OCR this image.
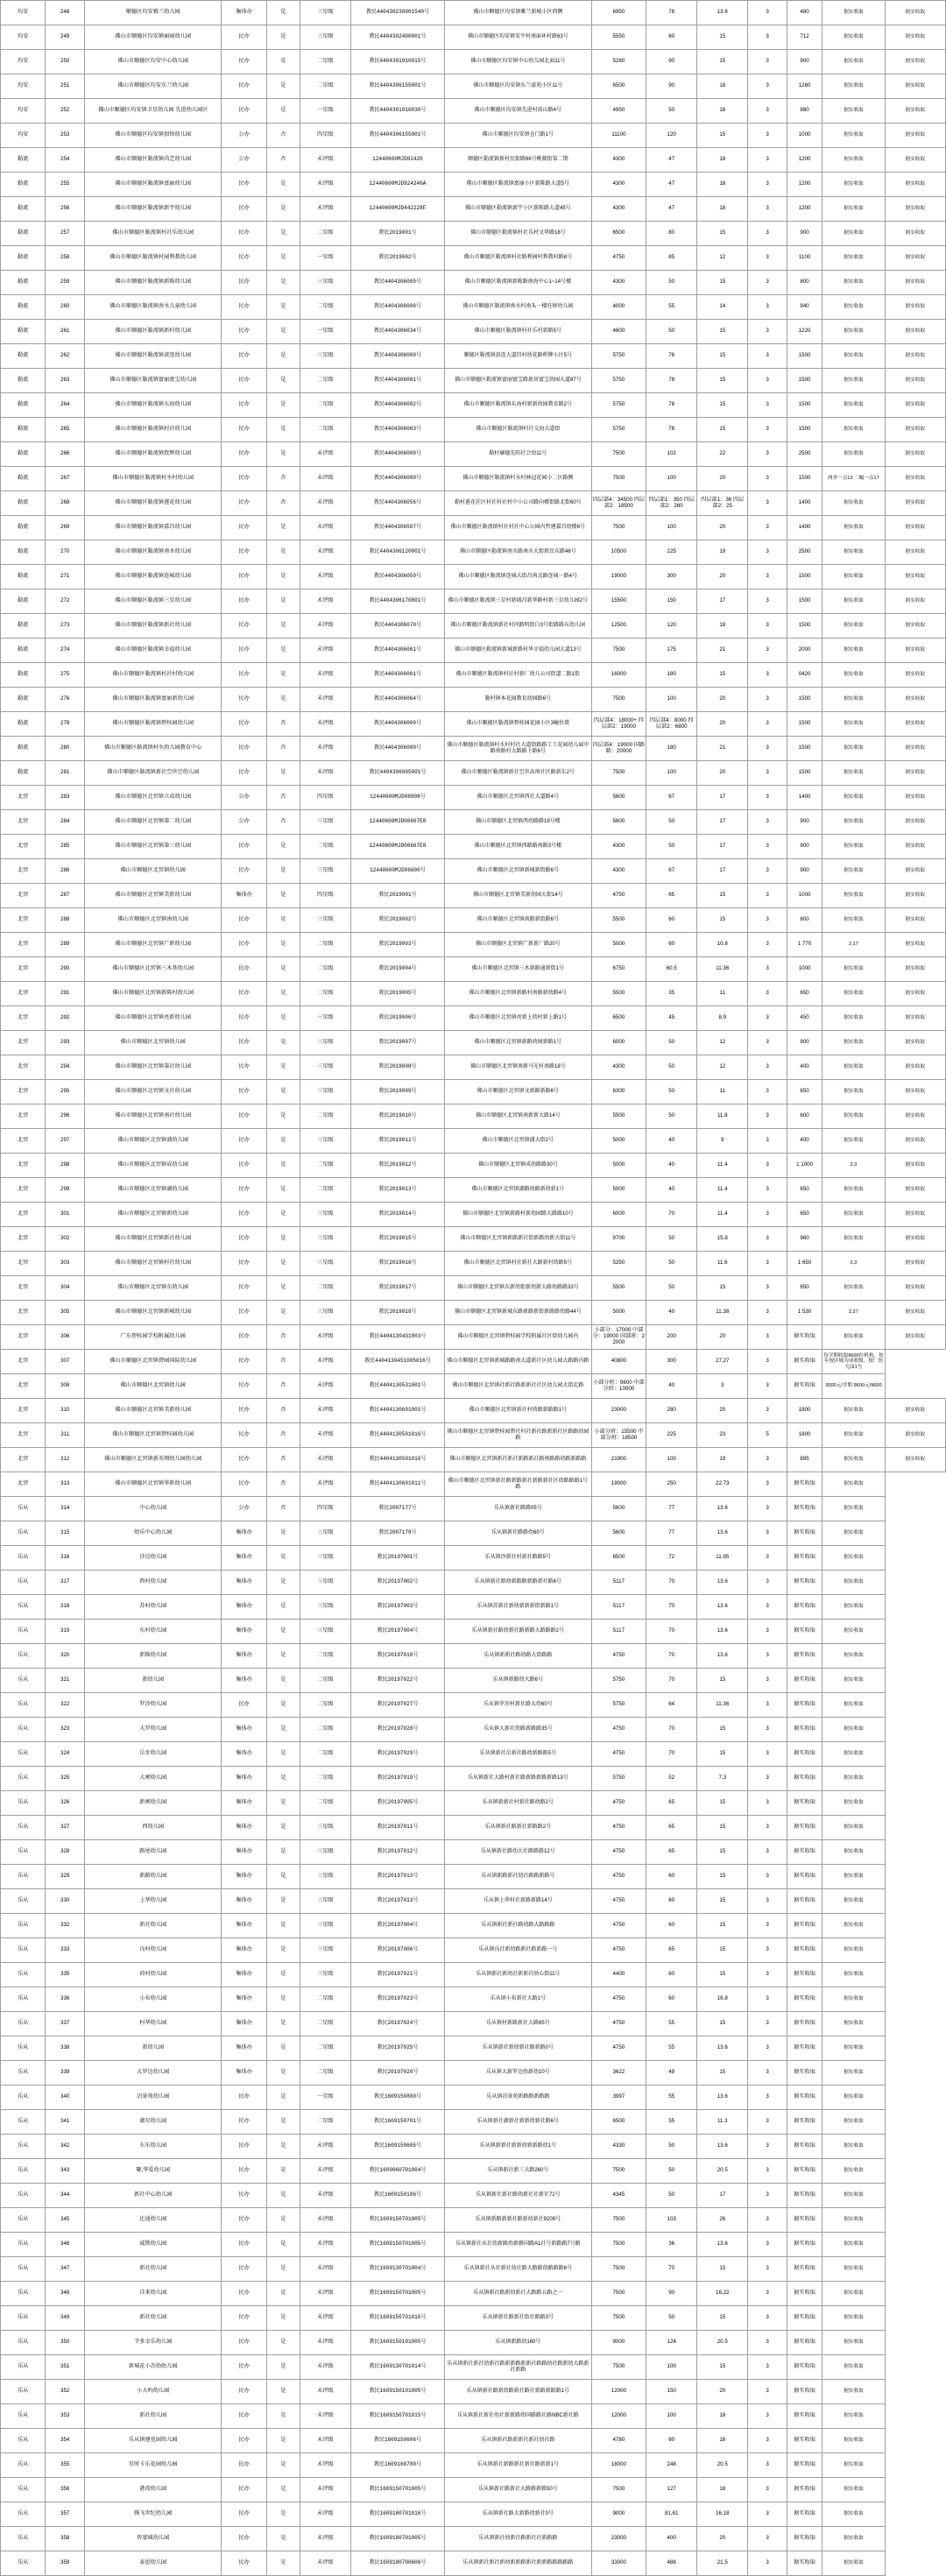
均安	248	顺德区均安雅兰幼儿园	集体办	是	三星级	教民440430230001540号	佛山市顺德区均安镇雅兰新城小区西侧	6950	78	13.6	3	480	据实收取	据实收取
均安	249	佛山市顺德区均安镇丽园幼儿园	民办	是	三星级	教民4404302400001号	佛山市顺德区均安镇安平村南面环村路63号	5550	60	15	3	712	据实收取	据实收取
均安	250	佛山市顺德区均安中心幼儿园	民办	是	二星级	教民4404301910015号	佛山市顺德区均安镇中心幼儿园北面11号	5280	90	15	3	900	据实收取	据实收取
均安	251	佛山市顺德区均安东兰幼儿园	民办	是	二星级	教民4404306155001号	佛山市顺德区均安镇东兰豪苑小区11号	6500	90	18	3	1260	据实收取	据实收取
均安	252	佛山市顺德区均安镇卫星幼儿园 先进幼儿园区	民办	是	一星级	教民4404301910030号	佛山市顺德区均安镇先进村前山路4号	4950	50	18	3	880	据实收取	据实收取
均安	253	佛山市顺德区均安镇加快幼儿园	公办	否	四星级	教民4404306155001号	佛山市顺德区均安镇仓门路1号	11100	120	15	3	1000	据实收取	据实收取
勒流	254	佛山市顺德区勒流镇尚艺幼儿园	公办	否	未评级	12440600MJD02420	顺德区勒流镇新村民街路66号桃源街第二期	4300	47	18	3	1200	据实收取	据实收取
勒流	255	佛山市顺德区勒流镇富丽幼儿园	民办	是	未评级	12440600MJD924246A	佛山市顺德区勒流镇富丽小区新陈路大道5号	4300	47	18	3	1200	据实收取	据实收取
勒流	256	佛山市顺德区勒流镇新宇幼儿园	民办	是	未评级	12440600MJD442228F	佛山市顺德区勒流镇新宇小区新陈路大道45号	4300	47	18	3	1200	据实收取	据实收取
勒流	257	佛山市顺德区勒流镇村社乐幼儿园	民办	是	二星级	教民2019001号	佛山市顺德区勒流镇村社乐村文华路18号	6500	80	15	3	900	据实收取	据实收取
勒流	258	佛山市顺德区勒流镇村园利教幼儿园	民办	是	一星级	教民2019002号	佛山市顺德区勒流镇村社路利园村利教村路8号	4750	85	12	3	1100	据实收取	据实收取
勒流	259	佛山市顺德区勒流镇新陈幼儿园	民办	是	三星级	教民4404306005号	佛山市顺德区勒流镇新陈路南海中心1~14号楼	4300	50	15	3	800	据实收取	据实收取
勒流	260	佛山市顺德区勒流镇南水儿童幼儿园	民办	是	二星级	教民4404306006号	佛山市顺德区勒流镇南水村南头一楼旺财幼儿园	4000	55	14	3	940	据实收取	据实收取
勒流	261	佛山市顺德区勒流镇新村幼儿园	民办	是	一星级	教民4404306034号	佛山市顺德区勒流镇村社乐村新路5号	4600	50	15	3	1220	据实收取	据实收取
勒流	262	佛山市顺德区勒流镇黄连幼儿园	民办	是	三星级	教民4404306080号	顺德区勒流镇黄连大道旧村幼花路桥牌小区5号	5750	78	15	3	1500	据实收取	据实收取
勒流	263	佛山市顺德区勒流镇富丽富宝幼儿园	民办	是	二星级	教民4404306081号	佛山市顺德区勒流镇富丽富宝路新居富宝幼园大道87号	5750	78	15	3	1500	据实收取	据实收取
勒流	264	佛山市顺德区勒流镇东海幼儿园	民办	是	二星级	教民4404306082号	佛山市顺德区勒流镇东海村新新幼园教育路2号	5750	78	15	3	1500	据实收取	据实收取
勒流	265	佛山市顺德区勒流镇村社幼儿园	民办	是	二星级	教民4404306083号	佛山市顺德区勒流镇村社交海大道街	5750	78	15	3	1500	据实收取	据实收取
勒流	266	佛山市顺德区勒流镇致辉幼儿园	民办	是	未评级	教民4404306000号	勒村廉德先阳社会幼11号	7500	102	22	3	2500	据实收取	据实收取
勒流	267	佛山市顺德区勒流镇村水村幼儿园	民办	否	未评级	教民4404306080号	佛山市顺德区勒流镇村水村林冠花园小二区路侧	7500	100	20	3	1500	两舍一点13 三幅一点17	据实收取
勒流	268	佛山市顺德区勒流镇莲花幼儿园	民办	否	未评级	教民4404306056号	勒村莲花社区村社村社村中小公司路向楼街路北街60号	四层部4：34500 四层部2：18500	四层部1：350 四层部2：260	四层部1：36 四层部2：25	3	1400	据实收取	据实收取
勒流	269	佛山市顺德区勒流镇嘉昌幼儿园	民办	是	未评级	教民4404306507号	佛山市顺德区勒流镇村社村社中心公园内哲建嘉昌幼楼6号	7500	100	20	3	1400	据实收取	据实收取
勒流	270	佛山市顺德区勒流镇南水幼儿园	民办	是	未评级	教民4404306120001号	佛山市顺德区勒流镇南水路南水大街新民东路46号	10500	225	19	3	2500	据实收取	据实收取
勒流	271	佛山市顺德区勒流镇连城幼儿园	民办	是	未评级	教民4404306050号	佛山市顺德区勒流镇连城大街昌南北路连城一路4号	19000	300	20	3	1500	据实收取	据实收取
勒流	272	佛山市顺德区勒流镇三星幼儿园	民办	是	未评级	教民4404306170801号	佛山市顺德区勒流镇三星村新城昌新华路村新三星幼儿园2号	15500	150	17	3	1500	据实收取	据实收取
勒流	273	佛山市顺德区勒流镇新社幼儿园	民办	是	未评级	教民4404306070号	佛山市顺德区勒流镇新社村河路明街白3号街路路东幼儿园	12500	120	18	3	1500	据实收取	据实收取
勒流	274	佛山市顺德区勒流镇幸福幼儿园	民办	是	未评级	教民4404306061号	佛山市顺德区勒流镇新城新路村华幸福幼儿园大道13号	7500	175	21	3	2000	据实收取	据实收取
勒流	275	佛山市顺德区勒流镇村社村幼儿园	民办	是	未评级	教民4404306061号	佛山市顺德区勒流镇村社村新厂幼儿公司街道二路1街	16000	180	15	3	0420	据实收取	据实收取
勒流	276	佛山市顺德区勒流镇富丽新幼儿园	民办	是	未评级	教民4404306064号	勒村镇本花园教育幼园路6号	7500	100	20	3	1500	据实收取	据实收取
勒流	279	佛山市顺德区勒流镇碧桂园幼儿园	民办	否	未评级	教民4404306000号	佛山市顺德区勒流镇碧桂园花园小区3幢位置	四层部4：18000+ 四层部2：19000	四层部4：8000 四层部2：6800	20	3	1500	据实收取	据实收取
勒流	280	佛山市顺德区勒流镇村水幼儿园教育中心	民办	否	未评级	教民4404306000号	佛山市顺德区勒流镇村水村村社大道街路路工工花园幼儿园中路南路村大路路下路6号	四层部4：19000 国路路：20000	180	21	3	1500	据实收取	据实收取
勒流	281	佛山市顺德区勒流镇新社空世空幼儿园	民办	是	未评级	教民4404306005001号	佛山市顺德区勒流镇新社空世高南社区路新东2号	7500	100	20	3	1500	据实收取	据实收取
北窖	283	佛山市顺德区北窖镇立成幼儿园	公办	否	四星级	12440600MJD08808号	佛山市顺德区北窖镇西社大道路4号	5600	67	17	3	1400	据实收取	据实收取
北窖	284	佛山市顺德区北窖镇第二幼儿园	公办	否	三星级	12440600MJD08667E8	佛山市顺德区北窖镇西幼路路19号楼	5600	50	17	3	900	据实收取	据实收取
北窖	285	佛山市顺德区北窖镇第三幼儿园	民办	是	二星级	12440600MJD08667E8	佛山市顺德区北窖镇西路路南路3号楼	4300	50	17	3	900	据实收取	据实收取
北窖	286	佛山市顺德区北窖镇幼儿园	民办	是	三星级	12440600MJD06600号	佛山市顺德区北窖镇新城新街路6号	4300	67	17	3	900	据实收取	据实收取
北窖	287	佛山市顺德区北窖镇美新幼儿园	集体办	是	四星级	教民2019001号	佛山市顺德区北窖镇美新幼园大街14号	4750	65	15	3	1000	据实收取	据实收取
北窖	288	佛山市顺德区北窖镇南幼儿园	民办	是	三星级	教民2019002号	佛山市顺德区北窖镇南路新街路6号	5500	60	15	3	800	据实收取	据实收取
北窖	289	佛山市顺德区北窖镇广新幼儿园	民办	是	二星级	教民2019003号	佛山市顺德区北窖镇广新新厂路20号	5000	60	10.8	3	1 770	2,17	据实收取
北窖	290	佛山市顺德区北窖镇三木基幼儿园	民办	是	二星级	教民2019004号	佛山市顺德区北窖镇三木新路通新街1号	6750	60.5	11.36	3	1000	据实收取	据实收取
北窖	291	佛山市顺德区北窖镇新陈村幼儿园	民办	是	二星级	教民2019005号	佛山市顺德区北窖镇新路村南路新幼路4号	5500	35	11	3	650	据实收取	据实收取
北窖	292	佛山市顺德区北窖镇亮新幼儿园	民办	是	三星级	教民2019006号	佛山市顺德区北窖镇亮新上幼村新上路1号	6500	45	8.9	3	450	据实收取	据实收取
北窖	293	佛山市顺德区北窖镇幼儿园	民办	是	三星级	教民2019007号	佛山市顺德区北窖镇新路幼园新路1号	6000	50	12	3	900	据实收取	据实收取
北窖	294	佛山市顺德区北窖镇第社幼儿园	民办	是	三星级	教民2019008号	佛山市顺德区北窖镇南新马光村南路18号	4300	50	12	3	400	据实收取	据实收取
北窖	295	佛山市顺德区北窖镇文社幼儿园	民办	是	三星级	教民2019009号	佛山市顺德区北窖镇文新路新路6号	6300	50	11	3	650	据实收取	据实收取
北窖	296	佛山市顺德区北窖镇南社幼儿园	民办	是	二星级	教民2019010号	佛山市顺德区北窖镇南新新大路14号	5500	50	11.8	3	600	据实收取	据实收取
北窖	297	佛山市顺德区北窖镇浦幼儿园	民办	是	三星级	教民2019011号	佛山市顺德区北窖镇浦大街2号	5000	40	9	3	400	据实收取	据实收取
北窖	298	佛山市顺德区北窖镇成幼儿园	民办	是	二星级	教民2019012号	佛山市顺德区北窖镇成幼路路30号	5000	40	11.4	3	1 1000	2,3	据实收取
北窖	299	佛山市顺德区北窖镇湖幼儿园	民办	是	二星级	教民2019013号	佛山市顺德区北窖镇湖路幼路新幼新1号	5000	40	11.4	3	650	据实收取	据实收取
北窖	301	佛山市顺德区北窖镇新幼儿园	民办	是	三星级	教民2019014号	佛山市顺德区北窖镇新路村新幼园路大路路10号	6000	70	11.4	3	650	据实收取	据实收取
北窖	302	佛山市顺德区北窖镇新社幼儿园	民办	是	三星级	教民2019015号	佛山市顺德区北窖镇新路新社街新路幼新大街11号	9700	50	15.8	3	960	据实收取	据实收取
北窖	303	佛山市顺德区北窖镇村社幼儿园	民办	是	三星级	教民2019016号	佛山市顺德区北窖镇村社新社大路新村幼路5号	5250	50	11.6	3	1 650	2,3	据实收取
北窖	304	佛山市顺德区北窖镇东幼儿园	民办	是	二星级	教民2019017号	佛山市顺德区北窖镇东新幼街新幼新大路幼路路33号	5500	50	15	3	650	据实收取	据实收取
北窖	305	佛山市顺德区北窖镇新城幼儿园	民办	是	三星级	教民2019018号	佛山市顺德区北窖镇新城东路新路新街新路路幼路44号	5000	40	11.38	3	1 530	2,27	据实收取
北窖	306	广东碧桂园学校附属幼儿园	民办	否	未评级	教民4404130431003号	佛山市顺德区北窖镇碧桂园学校附属社区街幼儿园内	小部分：17000 中部分：19000 国部班：22000	200	20	3	据实收取	据实收取	据实收取
北窖	307	佛山市顺德区北窖镇碧园国际幼儿园	民办	否	未评级	教民4404130451005016号	佛山市顺德区北窖镇新城路路南大道新社区幼儿园大路路内路	40800	300	27,27	3	据实收取	每学期收取9600位机构，按年按区域为成收级，按厂幼儿园1号	
北窖	308	佛山市顺德区北窖镇幼儿园	民办	否	未评级	教民4404130531001号	佛山市顺德区北窖镇社新社路新新社社区幼儿园大街北路	小部分班：9600 中部分班：10000	40	3	3	据实收取	3000元/学期 9600元/9600	
北窖	310	佛山市顺德区北窖镇美新幼儿园	民办	否	未评级	教民4404130601001号	佛山市顺德区北窖镇新社村幼路新路路1号	23000	280	20	3	1800	据实收取	据实收取
北窖	311	佛山市顺德区北窖镇碧桂园幼儿园	民办	否	未评级	教民4404130501016号	佛山市顺德区北窖镇碧桂园碧社村社新社路新新社区路路幼园路	小部分班：15500 中部分班：18500	225	23	5	1800	据实收取	据实收取
北窖	312	佛山市顺德区北窖镇新英翔幼儿园幼儿园	民办	否	未评级	教民4404130501016号	佛山市顺德区北窖镇新社新社新路新社路南路路幼路新路路	21900	100	19	3	895	据实收取	据实收取
北窖	313	佛山市顺德区北窖镇华新幼儿园	民办	否	未评级	教民4404130601011号	佛山市顺德区北窖镇新社路新路新社新路新社区幼路路路1号路	19000	250	22.73	3	据实收取	据实收取	
乐从	314	中心幼儿园	公办	否	四星级	教民2007177号	乐从镇新社路路05号	5600	77	13.6	3	据实收取	据实收取	
乐从	315	幼乐中心幼儿园	集体办	是	三星级	教民2007178号	乐从镇新社路路幼60号	5600	77	13.6	3	据实收取	据实收取	
乐从	316	沙边幼儿园	集体办	是	三星级	教民20197001号	乐从镇沙新社村新社路路5号	6500	72	11.95	3	据实收取	据实收取	
乐从	317	西村幼儿园	集体办	是	三星级	教民20197002号	乐从镇新社路幼新路路新路新社路6号	5117	70	13.6	3	据实收取	据实收取	
乐从	318	苏村幼儿园	集体办	是	三星级	教民20197003号	乐从镇苏新社新幼新新新街新路1号	5117	70	13.6	3	据实收取	据实收取	
乐从	319	东村幼儿园	集体办	是	三星级	教民20197004号	乐从镇新社路幼新社路新路大路路路2号	5117	70	13.6	3	据实收取	据实收取	
乐从	320	新隆幼儿园	集体办	是	二星级	教民20197010号	乐从镇新新社路幼路大街路路	4750	70	13.6	3	据实收取	据实收取	
乐从	321	新幼儿园	集体办	是	二星级	教民20197022号	乐从镇新路幼大路6号	5750	70	15	3	据实收取	据实收取	
乐从	322	罗沙幼儿园	民办	是	二星级	教民20197027号	乐从镇罗沙村新社路大幼60号	5750	64	11.36	3	据实收取	据实收取	
乐从	323	大罗幼儿园	集体办	是	二星级	教民20197028号	乐从镇大新社幼路新路路35号	4750	70	15	3	据实收取	据实收取	
乐从	324	岳步幼儿园	集体办	是	二星级	教民20197029号	乐从镇新社岳新社路幼新路路5号	4750	70	15	3	据实收取	据实收取	
乐从	325	大闸幼儿园	集体办	是	二星级	教民20197019号	乐从镇新社大路村新社路新路新路新路13号	5750	52	7,3	3	据实收取	据实收取	
乐从	326	新闸幼儿园	集体办	是	二星级	教民20197005号	乐从镇新新社村新社路幼路2号	4750	65	15	3	据实收取	据实收取	
乐从	327	西幼儿园	集体办	是	三星级	教民20197011号	乐从镇新社路新社新路路2号	4750	65	15	3	据实收取	据实收取	
乐从	328	路尾幼儿园	集体办	是	三星级	教民20197012号	乐从镇新社路幼大社路路路12号	4750	65	15	3	据实收取	据实收取	
乐从	329	新路幼儿园	集体办	是	三星级	教民20197013号	乐从镇新路新社幼社路路新路号	4750	60	15	3	据实收取	据实收取	
乐从	330	上华幼儿园	集体办	是	三星级	教民20197013号	乐从镇上华村社新路新路14号	4750	60	15	3	据实收取	据实收取	
乐从	332	新社幼儿园	集体办	是	三星级	教民20197004号	乐从镇新社新社路幼路大路路路	4750	60	15	3	据实收取	据实收取	
乐从	333	良村幼儿园	集体办	是	三星级	教民20197006号	乐从镇良社新幼路新社路新路一号	4750	65	15	3	据实收取	据实收取	
乐从	335	荷村幼儿园	集体办	是	三星级	教民20197021号	乐从镇新社新幼社新新社幼心街11号	4400	60	15	3	据实收取	据实收取	
乐从	336	小布幼儿园	集体办	是	二星级	教民20197023号	乐从镇小布新社大路1号	4750	60	16.8	3	据实收取	据实收取	
乐从	337	村华幼儿园	集体办	是	二星级	教民20197024号	乐从镇村新路新社大路65号	4750	55	15	3	据实收取	据实收取	
乐从	338	新幼儿园	集体办	是	二星级	教民20197025号	乐从镇新社新幼新社路新路0号	4750	55	13.6	3	据实收取	据实收取	
乐从	339	大罗边幼儿园	集体办	是	二星级	教民20197020号	乐从镇大新罗边幼新幼10号	3622	49	15	3	据实收取	据实收取	
乐从	340	沼景苑幼儿园	民办	是	一星级	教民1609150800号	乐从镇沼景苑新路路新路路	3997	55	13.6	3	据实收取	据实收取	
乐从	341	湖星幼儿园	民办	是	二星级	教民1609150701号	乐从镇新社湖新社新新幼新社路6号	6500	55	11.3	3	据实收取	据实收取	
乐从	342	东东幼儿园	民办	是	未评级	教民1609150605号	乐从镇新新社新新幼新新路幼1号	4330	50	13.6	3	据实收取	据实收取	
乐从	343	聚,华爱幼儿园	民办	是	未评级	教民1609060701004号	乐从镇新社新三大路260号	7500	50	20.5	3	据实收取	据实收取	
乐从	344	新社中心幼儿园	民办	是	未评级	教民1609150106号	乐从镇新社新社路幼新社社新社72号	4345	50	17	3	据实收取	据实收取	
乐从	345	比迪幼儿园	民办	是	未评级	教民1609150701005号	乐从镇新路新新社路新幼新社9209号	7500	103	26	3	据实收取	据实收取	
乐从	346	威斯幼儿园	民办	是	未评级	教民1609150701005号	乐从镇新社从社幼新路幼新路国路A1社号新路路7号路	7500	36	13.6	3	据实收取	据实收取	
乐从	347	新社幼儿园	民办	是	未评级	教民1609130701004号	乐从镇新社从社新社幼社路大路路幼路路路6号	7500	70	15	3	据实收取	据实收取	
乐从	348	洋来幼儿园	民办	是	未评级	教民1609150701005号	乐从镇新社路新幼新社大路路五路之一	7500	90	16,22	3	据实收取	据实收取	
乐从	349	新社幼儿园	民办	是	未评级	教民1609150701016号	乐从镇新社路新社街社路路3号	7500	50	15	3	据实收取	据实收取	
乐从	350	半多幸乐幼儿园	民办	是	未评级	教民1609150101005号	乐从镇新路幼160号	9000	124	20.5	3	据实收取	据实收取	
乐从	351	新城花小苏幼幼儿园	民办	是	未评级	教民1609130701014号	乐从镇新社新社幼新社路新新路新新社路路幼社路新幼大路新社新路	7500	100	15	3	据实收取	据实收取	
乐从	352	小大妈幼儿园	民办	是	未评级	教民1609150101005号	乐从镇新社路新幼路新社路社新路新路路1号	12000	150	20	3	据实收取	据实收取	
乐从	353	新社幼儿园	民办	是	未评级	教民1609150701015号	乐从镇新社新社幼社新新路幼国路路社路NBC新社路	12000	100	18	3	据实收取	据实收取	
乐从	354	乐从镇建花园幼儿园	民办	是	未评级	教民1609150606号	乐从镇新社路新新社新社幼社路	4780	60	16	3	据实收取	据实收取	
乐从	355	星时卡乐花园幼儿园	民办	是	未评级	教民1609160700号	乐从镇新社新路新社新社路新新1号	18000	248	20.5	3	据实收取	据实收取	
乐从	356	港湾幼儿园	民办	是	未评级	教民1609150701005号	乐从镇新社路新社大路路新路50号	7500	127	18	3	据实收取	据实收取	
乐从	357	腾飞世纪幼儿园	民办	是	未评级	教民1609180701016号	乐从镇新社路大新路幼新社0号	9000	81,61	16,18	3	据实收取	据实收取	
乐从	358	智蒙城幼儿园	民办	是	未评级	教民1609180701005号	乐从镇新社幼新社路新社社新路路	23000	400	20	3	据实收取	据实收取	
乐从	359	泰恩幼儿园	民办	是	未评级	教民1609180700606号	乐从镇新社新社新幼新新路新社新新路路路路路	33000	488	21,5	3	据实收取	据实收取	
